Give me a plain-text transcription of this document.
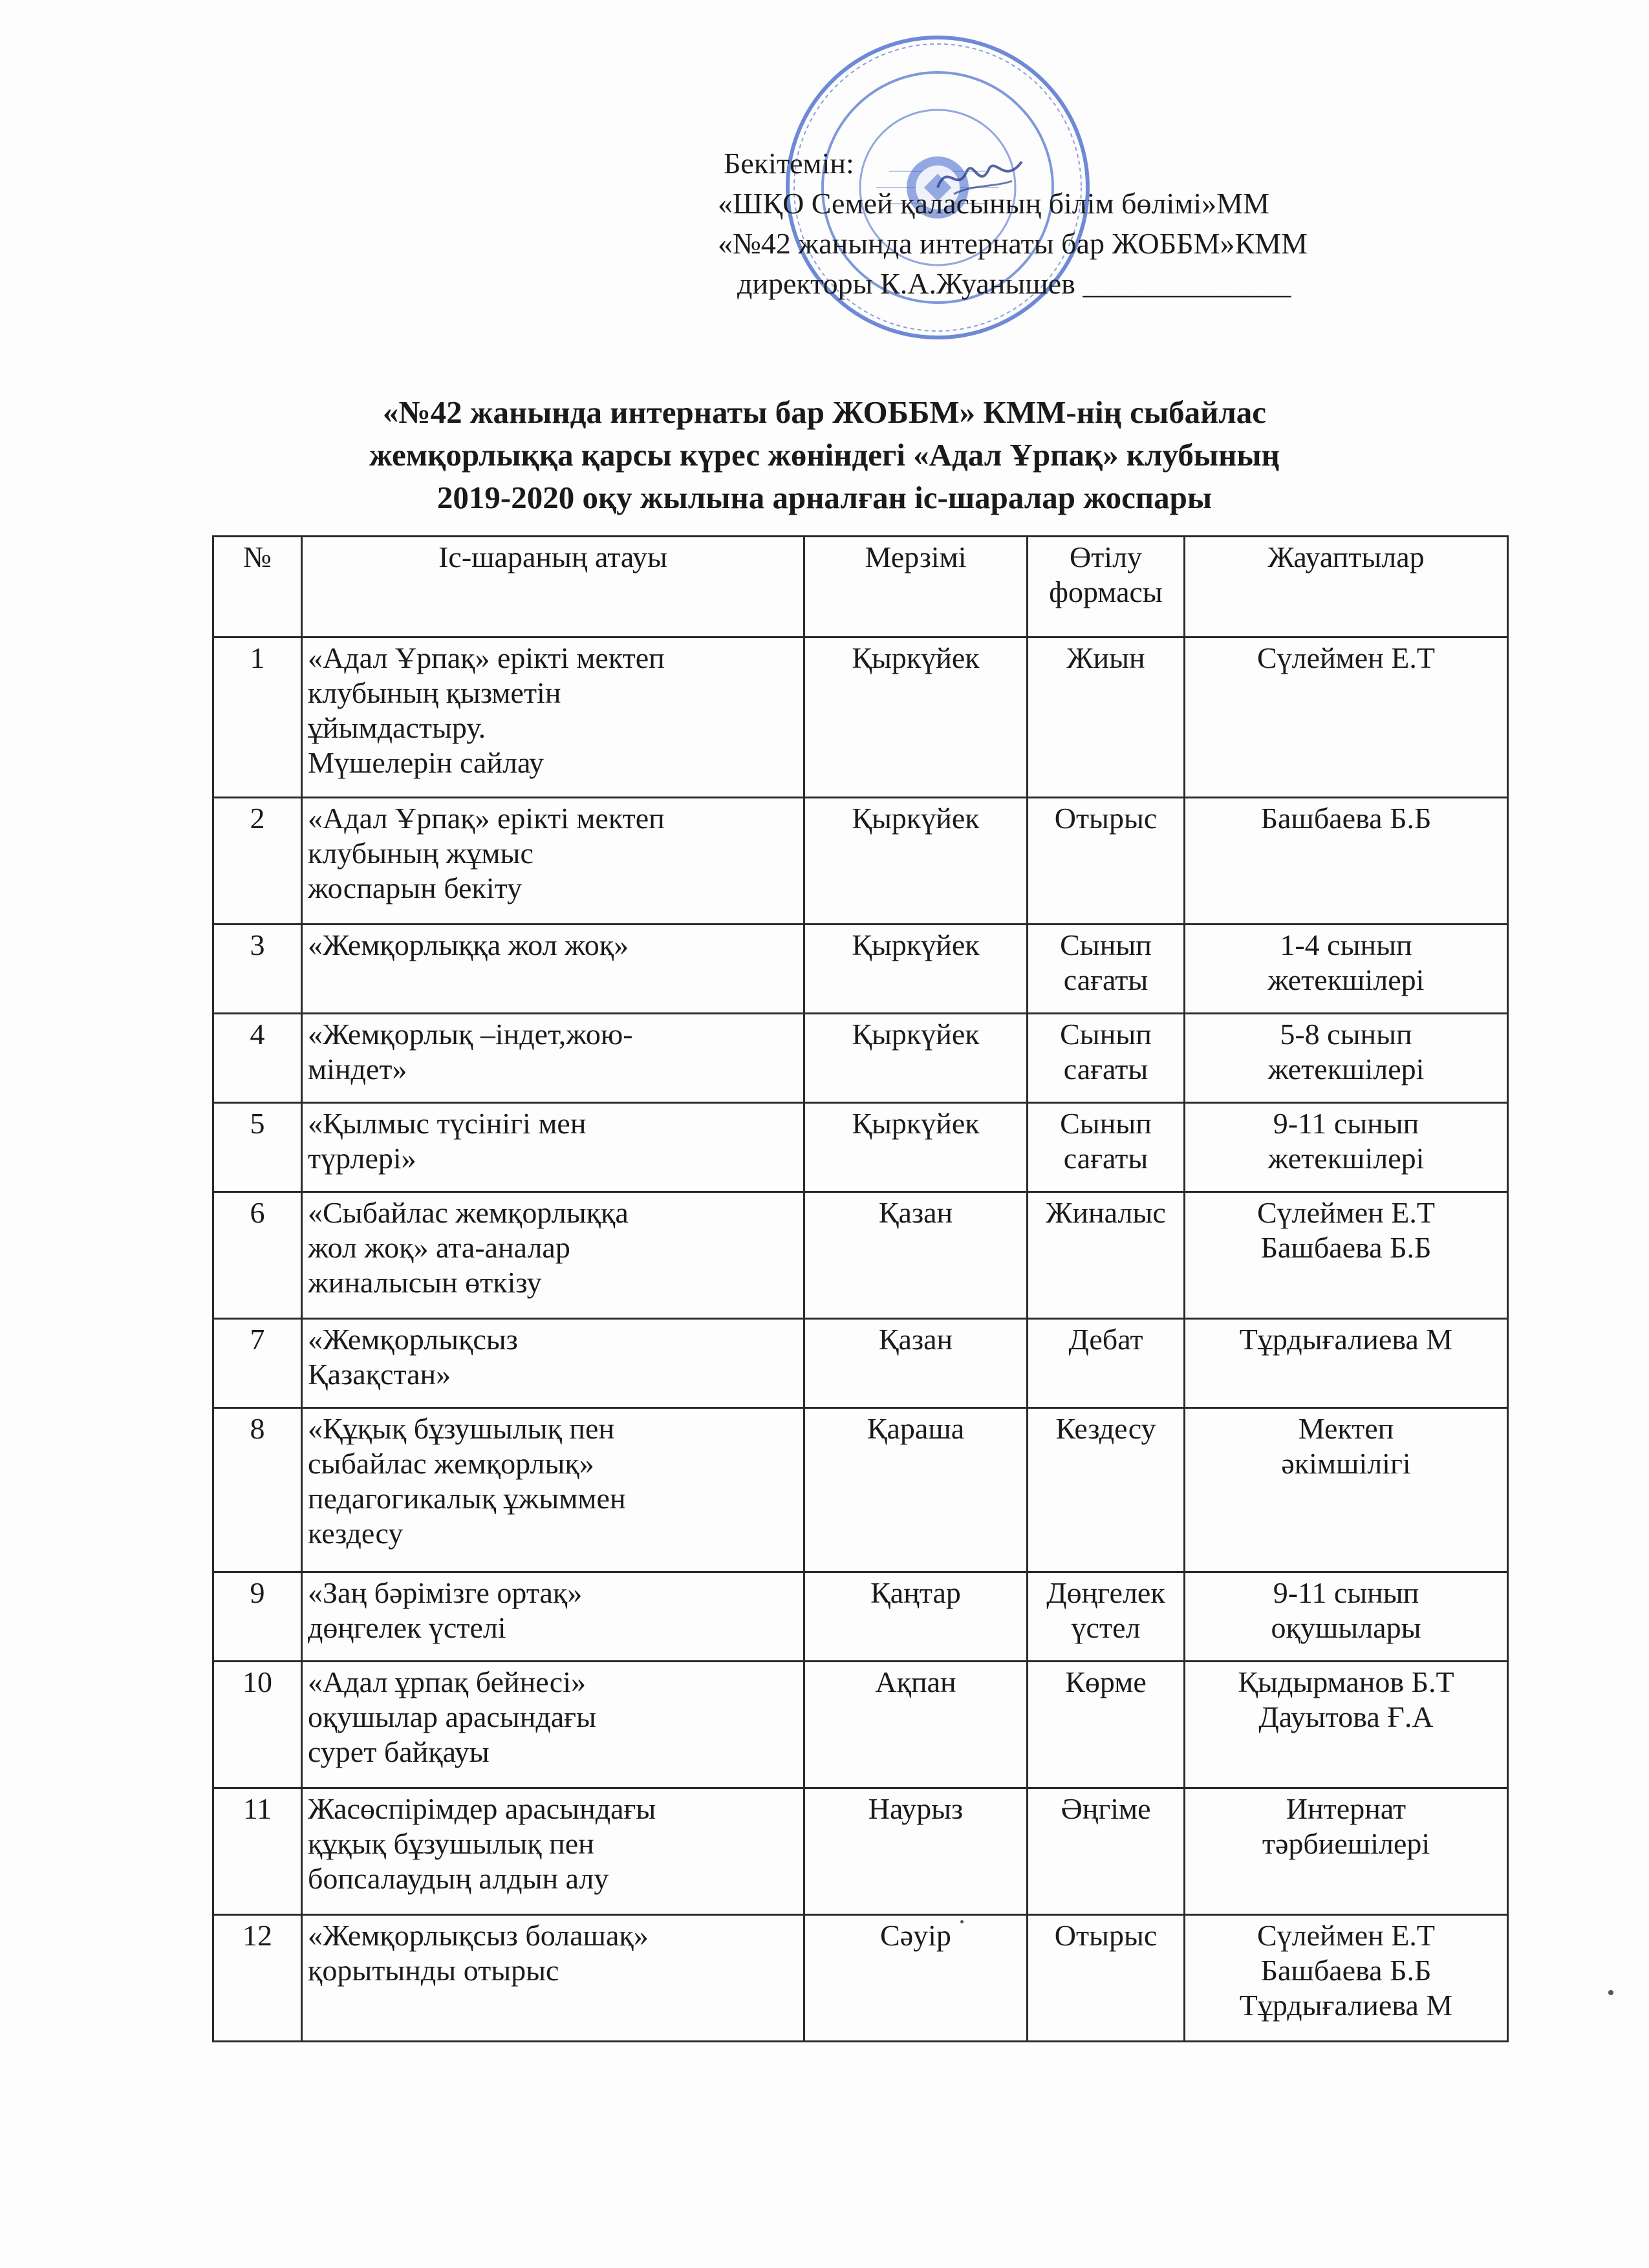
Бекітемін:
«ШҚО Семей қаласының білім бөлімі»ММ
«№42 жанында интернаты бар ЖОББМ»КММ
директоры К.А.Жуанышев ______________
«№42 жанында интернаты бар ЖОББМ» КММ-нің сыбайлас
жемқорлыққа қарсы күрес жөніндегі «Адал Ұрпақ» клубының
2019-2020 оқу жылына арналған іс-шаралар жоспары
№	Іс-шараның атауы	Мерзімі	Өтілу
формасы	Жауаптылар
1	«Адал Ұрпақ» ерікті мектеп
клубының қызметін
ұйымдастыру.
Мүшелерін сайлау	Қыркүйек	Жиын	Сүлеймен Е.Т
2	«Адал Ұрпақ» ерікті мектеп
клубының жұмыс
жоспарын бекіту	Қыркүйек	Отырыс	Башбаева Б.Б
3	«Жемқорлыққа жол жоқ»	Қыркүйек	Сынып
сағаты	1-4 сынып
жетекшілері
4	«Жемқорлық –індет,жою-
міндет»	Қыркүйек	Сынып
сағаты	5-8 сынып
жетекшілері
5	«Қылмыс түсінігі мен
түрлері»	Қыркүйек	Сынып
сағаты	9-11 сынып
жетекшілері
6	«Сыбайлас жемқорлыққа
жол жоқ» ата-аналар
жиналысын өткізу	Қазан	Жиналыс	Сүлеймен Е.Т
Башбаева Б.Б
7	«Жемқорлықсыз
Қазақстан»	Қазан	Дебат	Тұрдығалиева М
8	«Құқық бұзушылық пен
сыбайлас жемқорлық»
педагогикалық ұжыммен
кездесу	Қараша	Кездесу	Мектеп
әкімшілігі
9	«Заң бәрімізге ортақ»
дөңгелек үстелі	Қаңтар	Дөңгелек
үстел	9-11 сынып
оқушылары
10	«Адал ұрпақ бейнесі»
оқушылар арасындағы
сурет байқауы	Ақпан	Көрме	Қыдырманов Б.Т
Дауытова Ғ.А
11	Жасөспірімдер арасындағы
құқық бұзушылық пен
бопсалаудың алдын алу	Наурыз	Әңгіме	Интернат
тәрбиешілері
12	«Жемқорлықсыз болашақ»
қорытынды отырыс	Сәуір	Отырыс	Сүлеймен Е.Т
Башбаева Б.Б
Тұрдығалиева М
